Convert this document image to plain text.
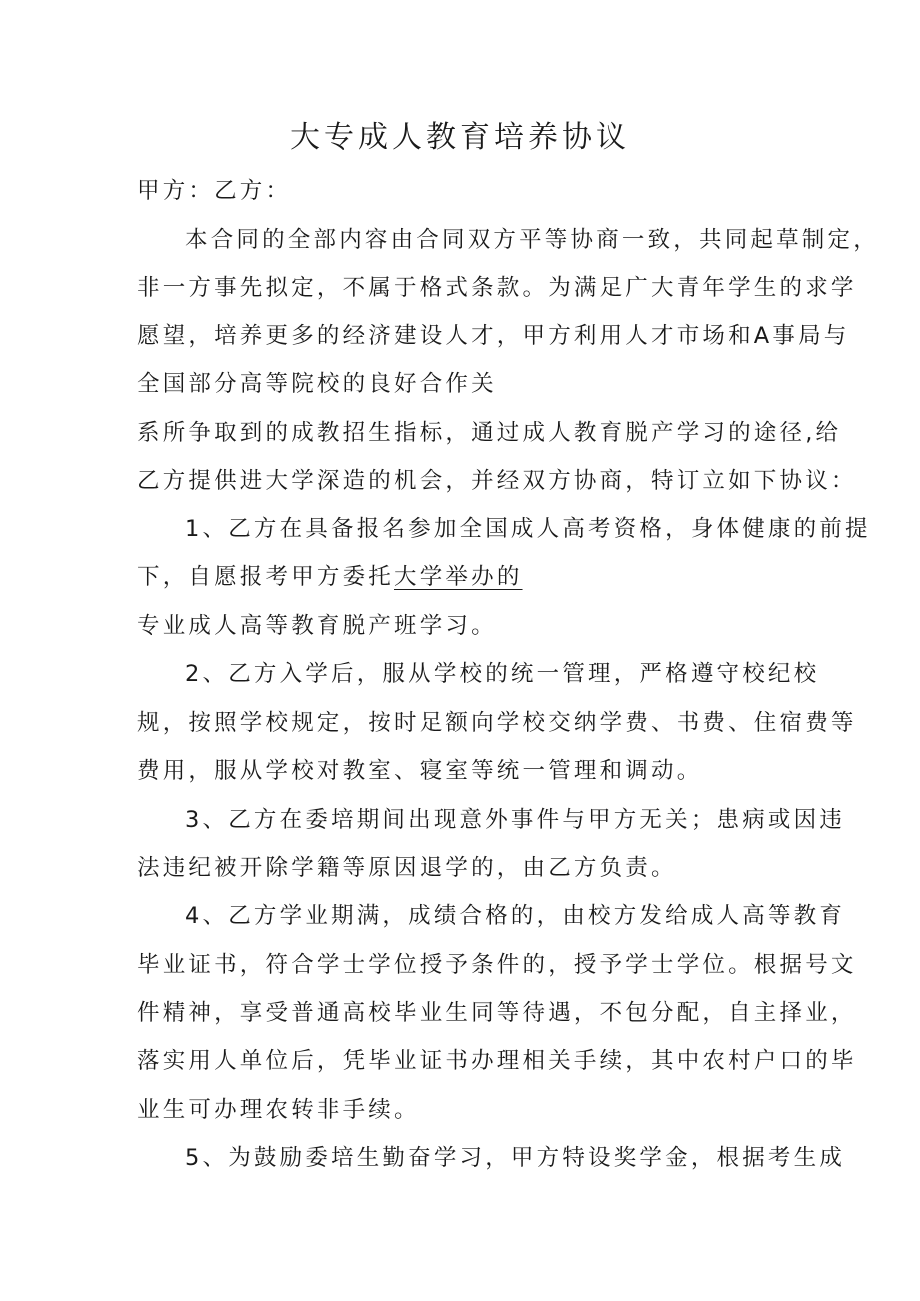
大专成人教育培养协议
甲方：乙方：
本合同的全部内容由合同双方平等协商一致，共同起草制定，
非一方事先拟定，不属于格式条款。为满足广大青年学生的求学
愿望，培养更多的经济建设人才，甲方利用人才市场和A事局与
全国部分高等院校的良好合作关
系所争取到的成教招生指标，通过成人教育脱产学习的途径,给
乙方提供进大学深造的机会，并经双方协商，特订立如下协议：
1、乙方在具备报名参加全国成人高考资格，身体健康的前提
下，自愿报考甲方委托大学举办的
专业成人高等教育脱产班学习。
2、乙方入学后，服从学校的统一管理，严格遵守校纪校
规，按照学校规定，按时足额向学校交纳学费、书费、住宿费等
费用，服从学校对教室、寝室等统一管理和调动。
3、乙方在委培期间出现意外事件与甲方无关；患病或因违
法违纪被开除学籍等原因退学的，由乙方负责。
4、乙方学业期满，成绩合格的，由校方发给成人高等教育
毕业证书，符合学士学位授予条件的，授予学士学位。根据号文
件精神，享受普通高校毕业生同等待遇，不包分配，自主择业，
落实用人单位后，凭毕业证书办理相关手续，其中农村户口的毕
业生可办理农转非手续。
5、为鼓励委培生勤奋学习，甲方特设奖学金，根据考生成
